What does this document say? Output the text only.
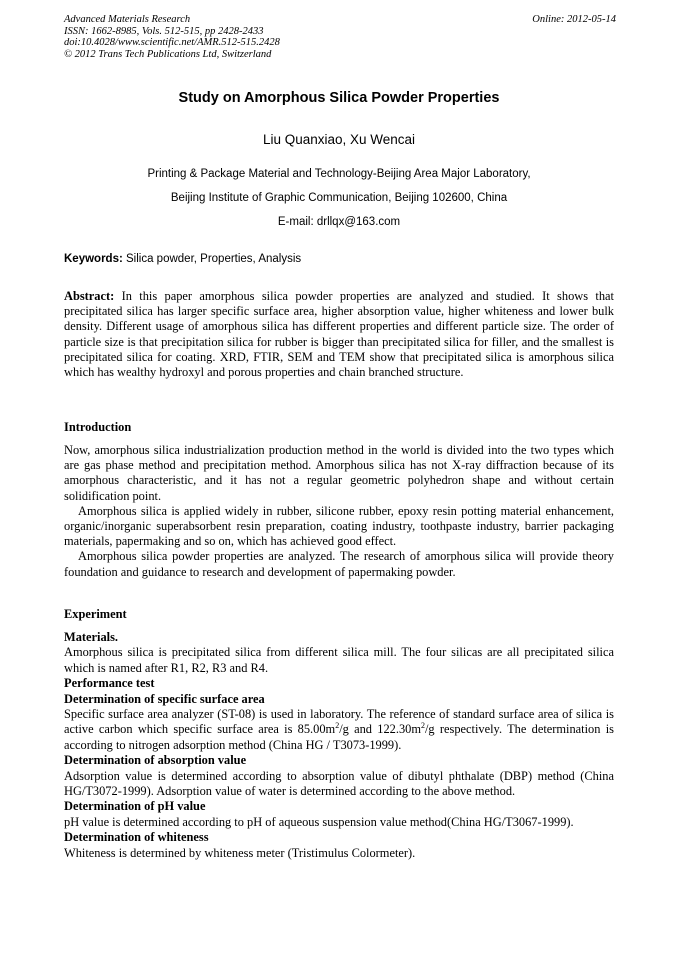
Advanced Materials Research
ISSN: 1662-8985, Vols. 512-515, pp 2428-2433
doi:10.4028/www.scientific.net/AMR.512-515.2428
© 2012 Trans Tech Publications Ltd, Switzerland
Online: 2012-05-14
Study on Amorphous Silica Powder Properties
Liu Quanxiao, Xu Wencai
Printing & Package Material and Technology-Beijing Area Major Laboratory,
Beijing Institute of Graphic Communication, Beijing 102600, China
E-mail: drllqx@163.com
Keywords: Silica powder, Properties, Analysis

Abstract: In this paper amorphous silica powder properties are analyzed and studied. It shows that precipitated silica has larger specific surface area, higher absorption value, higher whiteness and lower bulk density. Different usage of amorphous silica has different properties and different particle size. The order of particle size is that precipitation silica for rubber is bigger than precipitated silica for filler, and the smallest is precipitated silica for coating. XRD, FTIR, SEM and TEM show that precipitated silica is amorphous silica which has wealthy hydroxyl and porous properties and chain branched structure.

Introduction

Now, amorphous silica industrialization production method in the world is divided into the two types which are gas phase method and precipitation method. Amorphous silica has not X-ray diffraction because of its amorphous characteristic, and it has not a regular geometric polyhedron shape and without certain solidification point.

Amorphous silica is applied widely in rubber, silicone rubber, epoxy resin potting material enhancement, organic/inorganic superabsorbent resin preparation, coating industry, toothpaste industry, barrier packaging materials, papermaking and so on, which has achieved good effect.

Amorphous silica powder properties are analyzed. The research of amorphous silica will provide theory foundation and guidance to research and development of papermaking powder.

Experiment

Materials.

Amorphous silica is precipitated silica from different silica mill. The four silicas are all precipitated silica which is named after R1, R2, R3 and R4.

Performance test

Determination of specific surface area

Specific surface area analyzer (ST-08) is used in laboratory. The reference of standard surface area of silica is active carbon which specific surface area is $85.00m^2/g$ and $122.30m^2/g$ respectively. The determination is according to nitrogen adsorption method (China HG / T3073-1999).

Determination of absorption value

Adsorption value is determined according to absorption value of dibutyl phthalate (DBP) method (China HG/T3072-1999). Adsorption value of water is determined according to the above method.

Determination of pH value

pH value is determined according to pH of aqueous suspension value method(China HG/T3067-1999).

Determination of whiteness

Whiteness is determined by whiteness meter (Tristimulus Colormeter).
